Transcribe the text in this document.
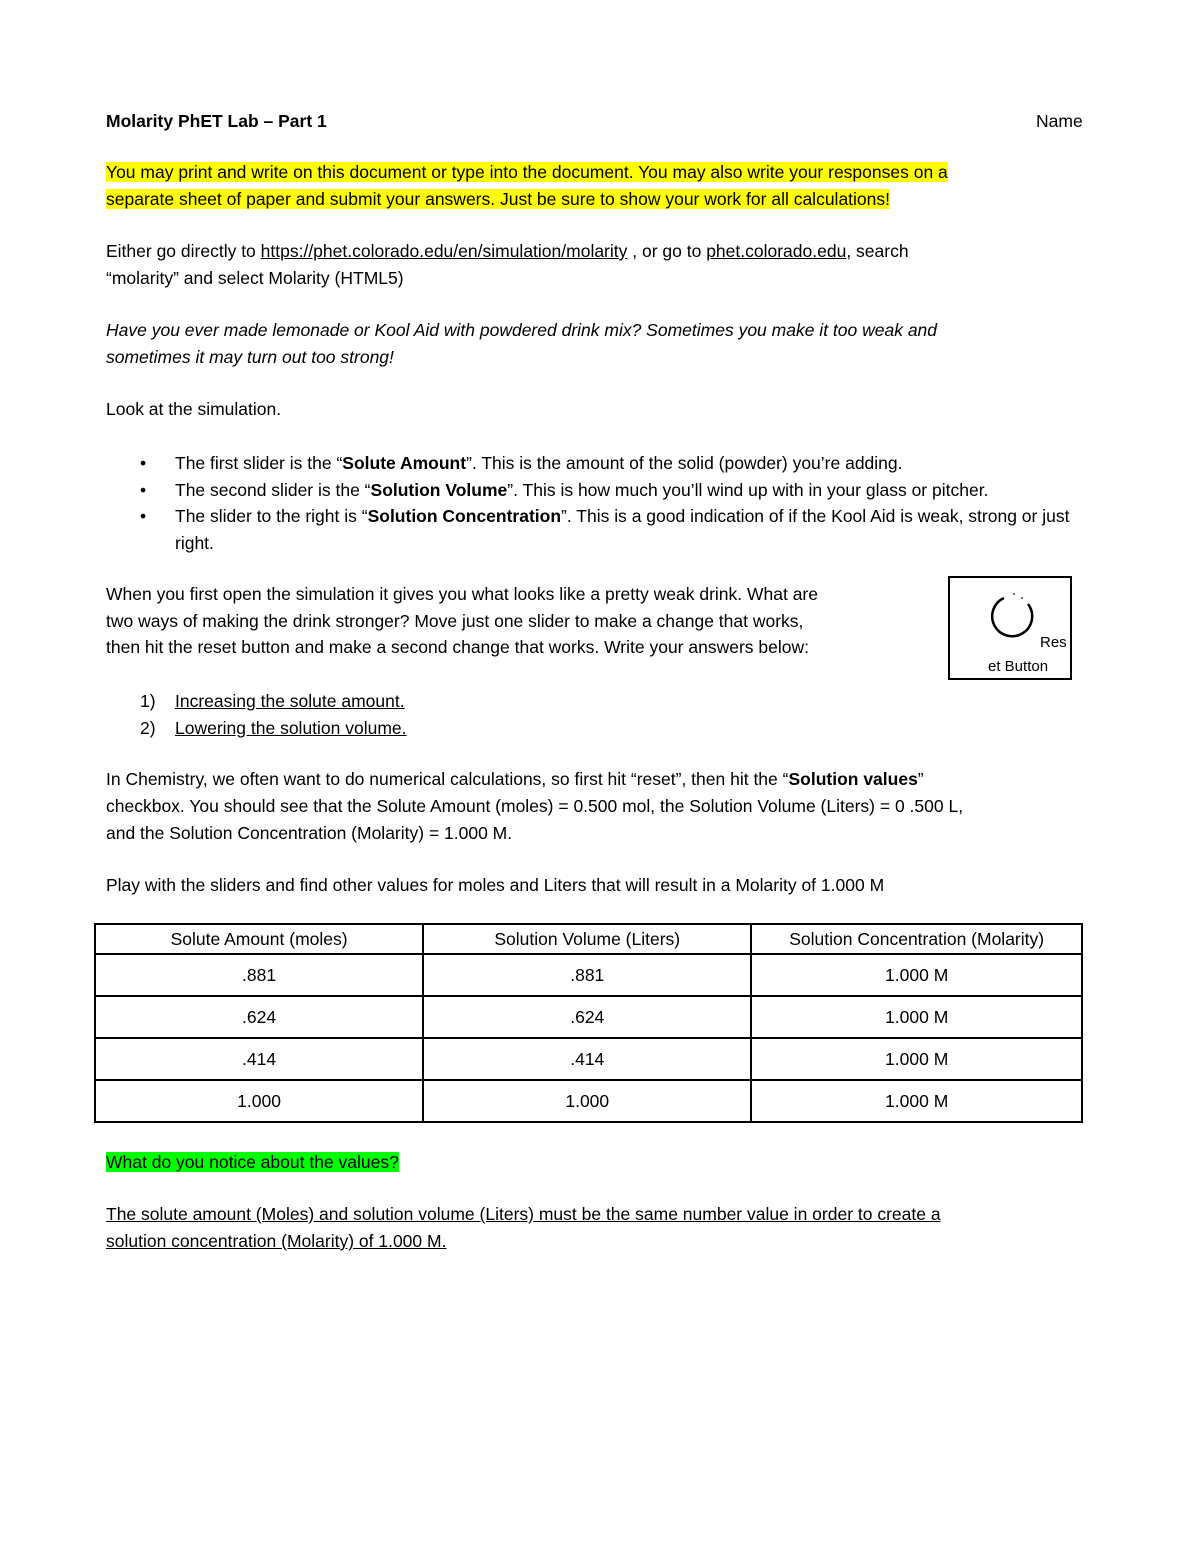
Molarity PhET Lab – Part 1	Name
You may print and write on this document or type into the document. You may also write your responses on a
separate sheet of paper and submit your answers. Just be sure to show your work for all calculations!
Either go directly to https://phet.colorado.edu/en/simulation/molarity , or go to phet.colorado.edu, search
“molarity” and select Molarity (HTML5)
Have you ever made lemonade or Kool Aid with powdered drink mix? Sometimes you make it too weak and
sometimes it may turn out too strong!
Look at the simulation.
• The first slider is the “Solute Amount”. This is the amount of the solid (powder) you’re adding.
• The second slider is the “Solution Volume”. This is how much you’ll wind up with in your glass or pitcher.
• The slider to the right is “Solution Concentration”. This is a good indication of if the Kool Aid is weak, strong or just right.
When you first open the simulation it gives you what looks like a pretty weak drink. What are
two ways of making the drink stronger? Move just one slider to make a change that works,
then hit the reset button and make a second change that works. Write your answers below:	Res
et Button
1) Increasing the solute amount.
2) Lowering the solution volume.
In Chemistry, we often want to do numerical calculations, so first hit “reset”, then hit the “Solution values”
checkbox. You should see that the Solute Amount (moles) = 0.500 mol, the Solution Volume (Liters) = 0 .500 L,
and the Solution Concentration (Molarity) = 1.000 M.
Play with the sliders and find other values for moles and Liters that will result in a Molarity of 1.000 M
Solute Amount (moles)	Solution Volume (Liters)	Solution Concentration (Molarity)
.881	.881	1.000 M
.624	.624	1.000 M
.414	.414	1.000 M
1.000	1.000	1.000 M
What do you notice about the values?
The solute amount (Moles) and solution volume (Liters) must be the same number value in order to create a
solution concentration (Molarity) of 1.000 M.
